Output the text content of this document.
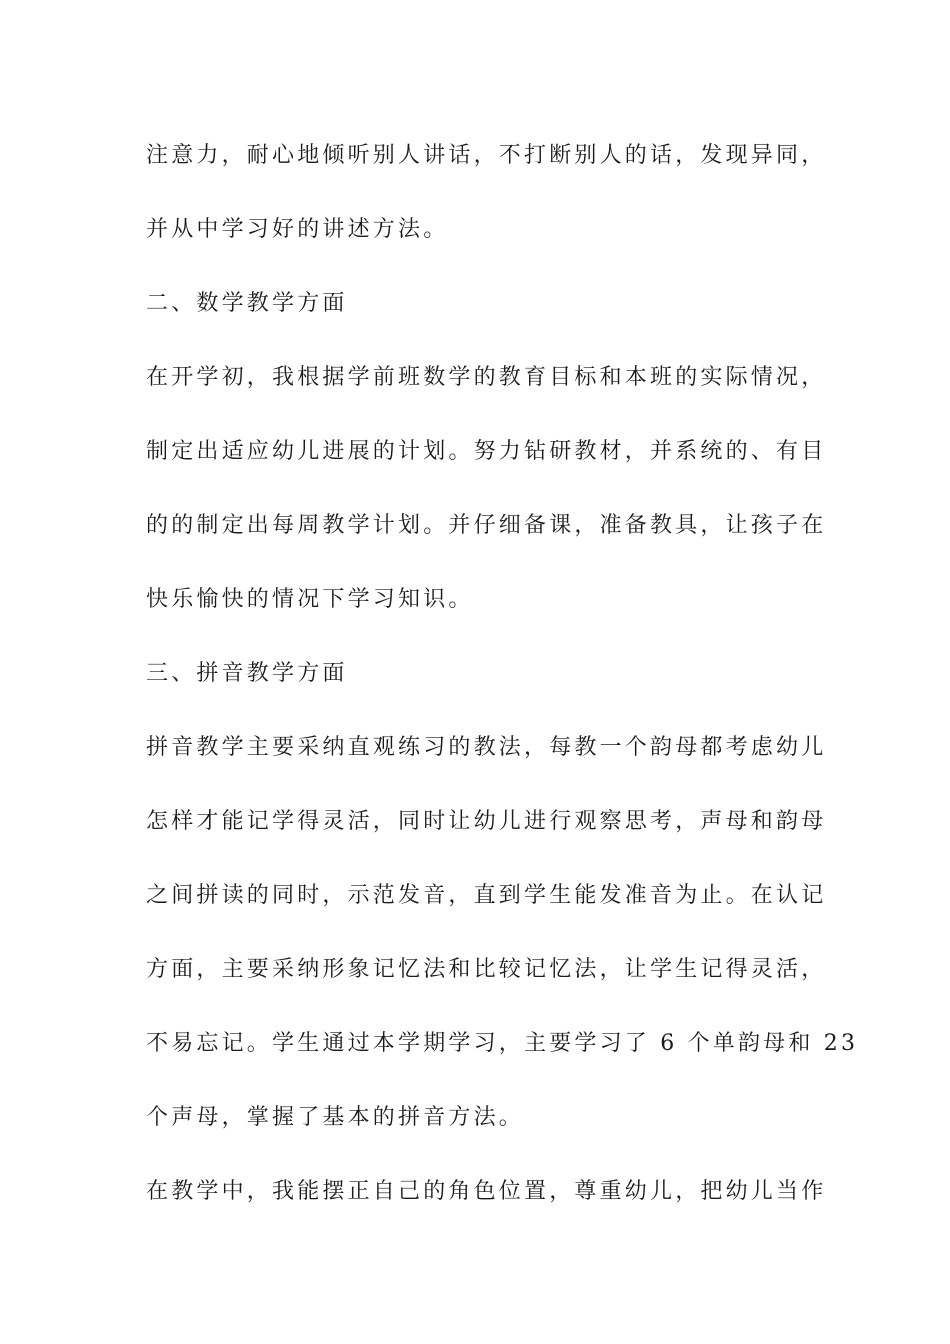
注意力，耐心地倾听别人讲话，不打断别人的话，发现异同，

并从中学习好的讲述方法。

二、数学教学方面

在开学初，我根据学前班数学的教育目标和本班的实际情况，

制定出适应幼儿进展的计划。努力钻研教材，并系统的、有目

的的制定出每周教学计划。并仔细备课，准备教具，让孩子在

快乐愉快的情况下学习知识。

三、拼音教学方面

拼音教学主要采纳直观练习的教法，每教一个韵母都考虑幼儿

怎样才能记学得灵活，同时让幼儿进行观察思考，声母和韵母

之间拼读的同时，示范发音，直到学生能发准音为止。在认记

方面，主要采纳形象记忆法和比较记忆法，让学生记得灵活，

不易忘记。学生通过本学期学习，主要学习了 6 个单韵母和 23

个声母，掌握了基本的拼音方法。

在教学中，我能摆正自己的角色位置，尊重幼儿，把幼儿当作
